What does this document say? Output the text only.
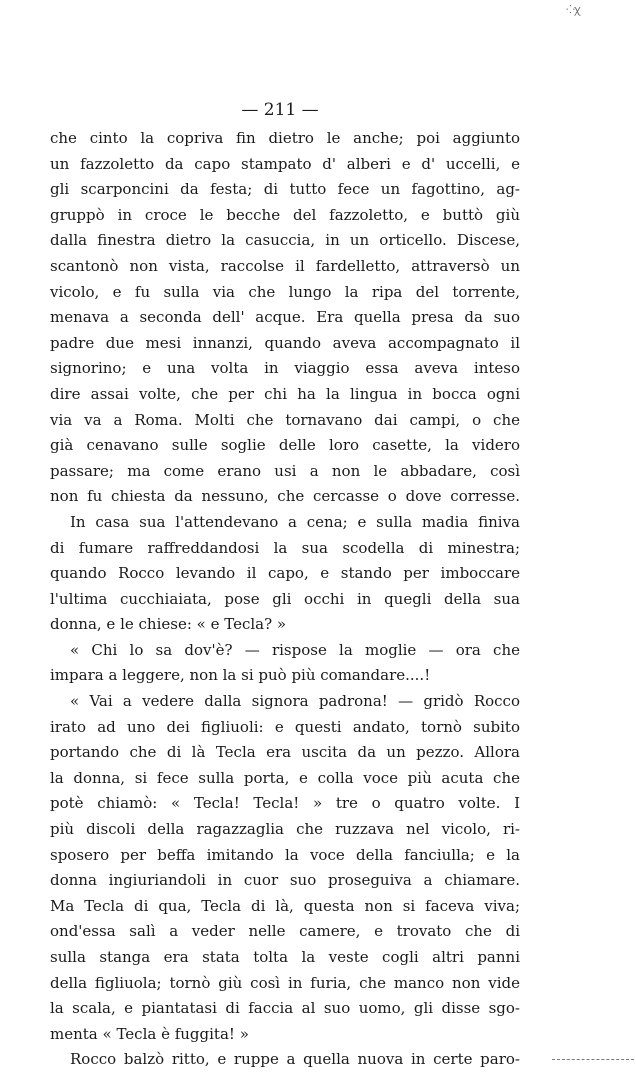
⁘ꭓ
— 211 —
che cinto la copriva fin dietro le anche; poi aggiunto
un fazzoletto da capo stampato d' alberi e d' uccelli, e
gli scarponcini da festa; di tutto fece un fagottino, ag-
gruppò in croce le becche del fazzoletto, e buttò giù
dalla finestra dietro la casuccia, in un orticello. Discese,
scantonò non vista, raccolse il fardelletto, attraversò un
vicolo, e fu sulla via che lungo la ripa del torrente,
menava a seconda dell' acque. Era quella presa da suo
padre due mesi innanzi, quando aveva accompagnato il
signorino; e una volta in viaggio essa aveva inteso
dire assai volte, che per chi ha la lingua in bocca ogni
via va a Roma. Molti che tornavano dai campi, o che
già cenavano sulle soglie delle loro casette, la videro
passare; ma come erano usi a non le abbadare, così
non fu chiesta da nessuno, che cercasse o dove corresse.
In casa sua l'attendevano a cena; e sulla madia finiva
di fumare raffreddandosi la sua scodella di minestra;
quando Rocco levando il capo, e stando per imboccare
l'ultima cucchiaiata, pose gli occhi in quegli della sua
donna, e le chiese: « e Tecla? »
« Chi lo sa dov'è? — rispose la moglie — ora che
impara a leggere, non la si può più comandare....!
« Vai a vedere dalla signora padrona! — gridò Rocco
irato ad uno dei figliuoli: e questi andato, tornò subito
portando che di là Tecla era uscita da un pezzo. Allora
la donna, si fece sulla porta, e colla voce più acuta che
potè chiamò: « Tecla! Tecla! » tre o quatro volte. I
più discoli della ragazzaglia che ruzzava nel vicolo, ri-
sposero per beffa imitando la voce della fanciulla; e la
donna ingiuriandoli in cuor suo proseguiva a chiamare.
Ma Tecla di qua, Tecla di là, questa non si faceva viva;
ond'essa salì a veder nelle camere, e trovato che di
sulla stanga era stata tolta la veste cogli altri panni
della figliuola; tornò giù così in furia, che manco non vide
la scala, e piantatasi di faccia al suo uomo, gli disse sgo-
menta « Tecla è fuggita! »
Rocco balzò ritto, e ruppe a quella nuova in certe paro-
